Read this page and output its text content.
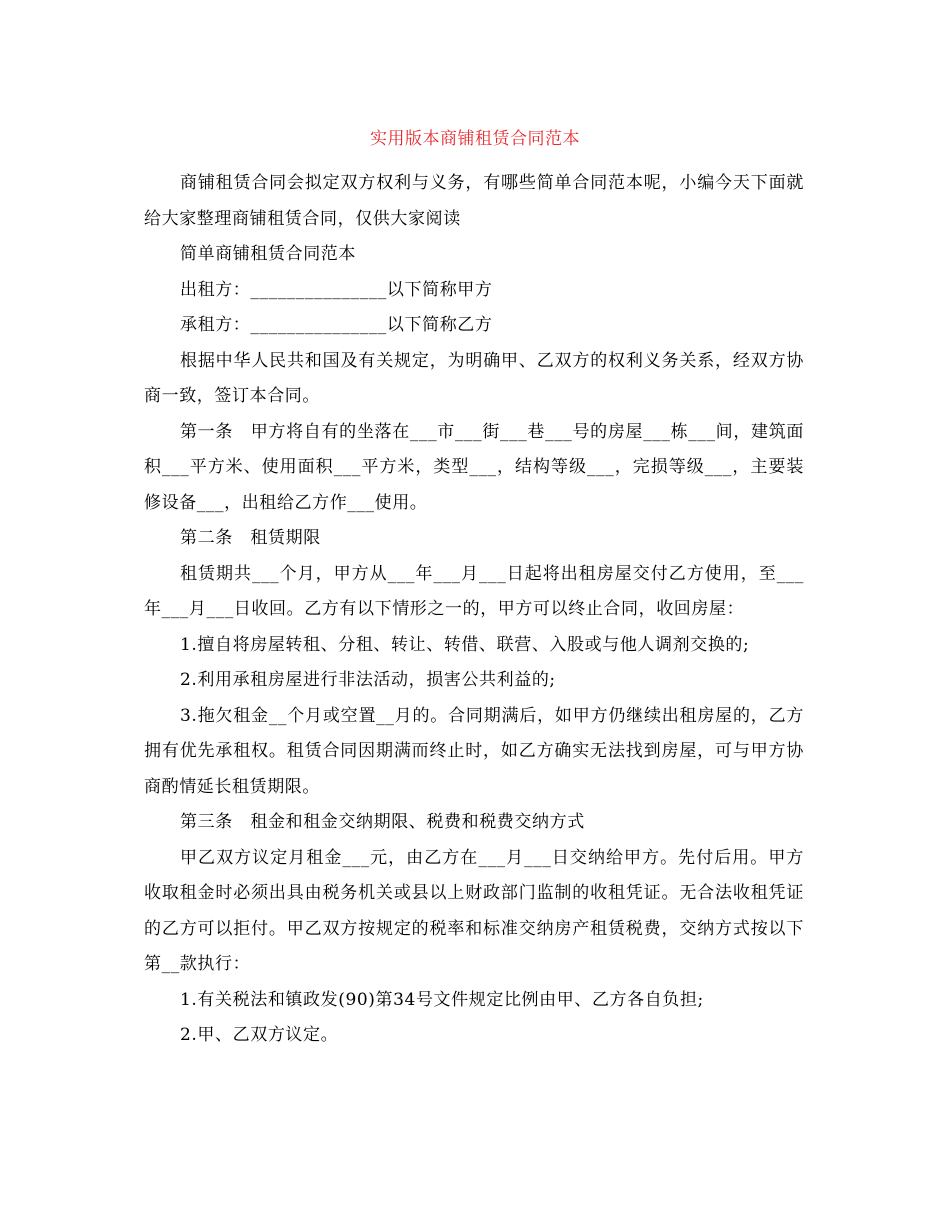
实用版本商铺租赁合同范本

商铺租赁合同会拟定双方权利与义务，有哪些简单合同范本呢，小编今天下面就给大家整理商铺租赁合同，仅供大家阅读

简单商铺租赁合同范本

出租方：_______________以下简称甲方

承租方：_______________以下简称乙方

根据中华人民共和国及有关规定，为明确甲、乙双方的权利义务关系，经双方协商一致，签订本合同。

第一条　甲方将自有的坐落在___市___街___巷___号的房屋___栋___间，建筑面积___平方米、使用面积___平方米，类型___，结构等级___，完损等级___，主要装修设备___，出租给乙方作___使用。

第二条　租赁期限

租赁期共___个月，甲方从___年___月___日起将出租房屋交付乙方使用，至___年___月___日收回。乙方有以下情形之一的，甲方可以终止合同，收回房屋：

1.擅自将房屋转租、分租、转让、转借、联营、入股或与他人调剂交换的;

2.利用承租房屋进行非法活动，损害公共利益的;

3.拖欠租金__个月或空置__月的。合同期满后，如甲方仍继续出租房屋的，乙方拥有优先承租权。租赁合同因期满而终止时，如乙方确实无法找到房屋，可与甲方协商酌情延长租赁期限。

第三条　租金和租金交纳期限、税费和税费交纳方式

甲乙双方议定月租金___元，由乙方在___月___日交纳给甲方。先付后用。甲方收取租金时必须出具由税务机关或县以上财政部门监制的收租凭证。无合法收租凭证的乙方可以拒付。甲乙双方按规定的税率和标准交纳房产租赁税费，交纳方式按以下第__款执行：

1.有关税法和镇政发(90)第34号文件规定比例由甲、乙方各自负担;

2.甲、乙双方议定。
